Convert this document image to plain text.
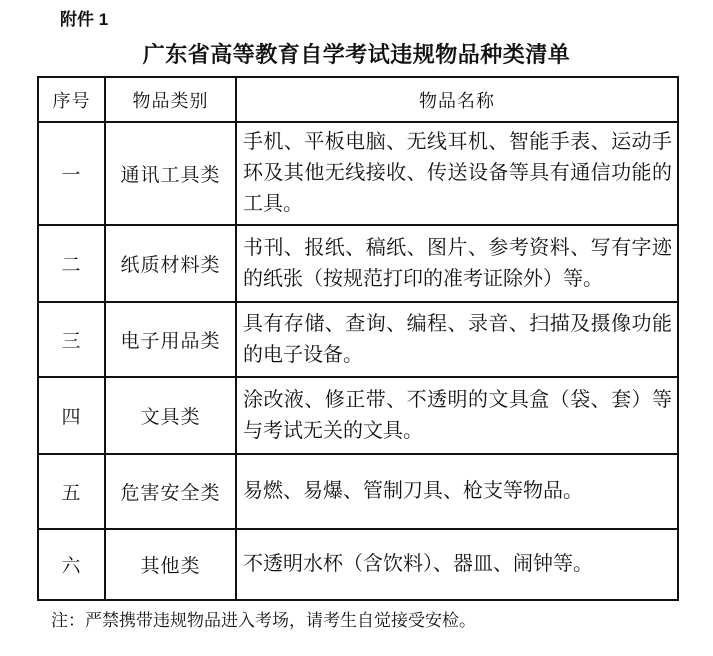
附件 1
广东省高等教育自学考试违规物品种类清单
序号	物品类别	物品名称
一	通讯工具类	手机、平板电脑、无线耳机、智能手表、运动手环及其他无线接收、传送设备等具有通信功能的工具。
二	纸质材料类	书刊、报纸、稿纸、图片、参考资料、写有字迹的纸张（按规范打印的准考证除外）等。
三	电子用品类	具有存储、查询、编程、录音、扫描及摄像功能的电子设备。
四	文具类	涂改液、修正带、不透明的文具盒（袋、套）等与考试无关的文具。
五	危害安全类	易燃、易爆、管制刀具、枪支等物品。
六	其他类	不透明水杯（含饮料）、器皿、闹钟等。
注：严禁携带违规物品进入考场，请考生自觉接受安检。
